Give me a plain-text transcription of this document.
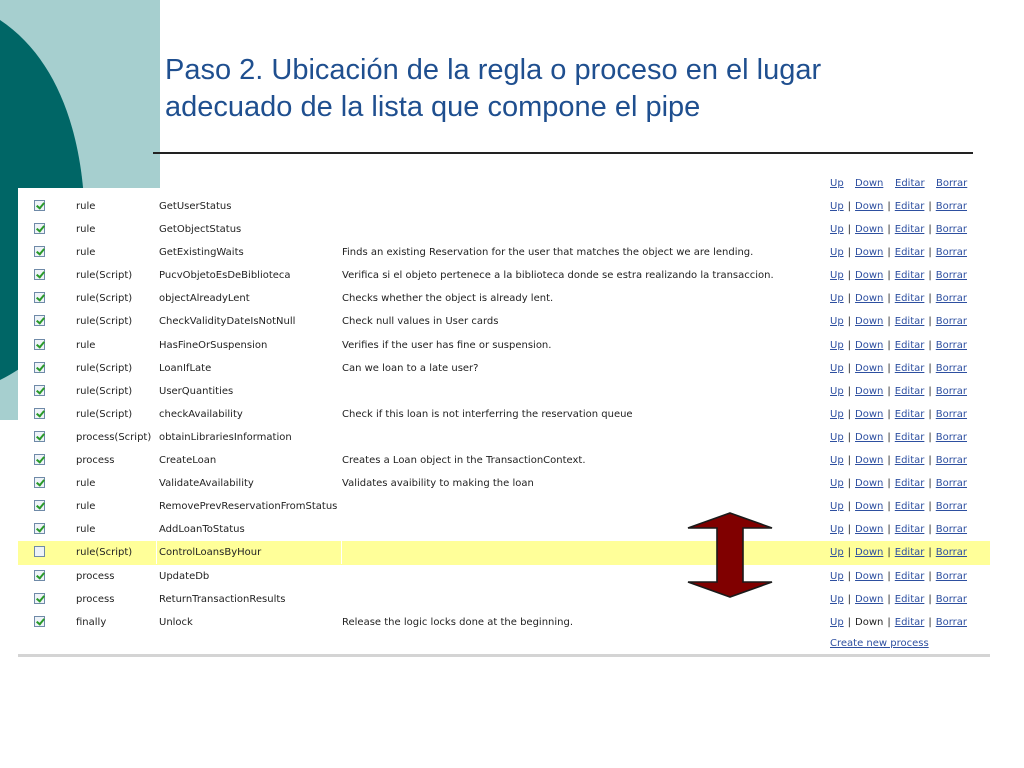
Paso 2. Ubicación de la regla o proceso en el lugar
adecuado de la lista que compone el pipe
Up Down Editar Borrar
rule	GetUserStatus	Up | Down | Editar | Borrar
rule	GetObjectStatus	Up | Down | Editar | Borrar
rule	GetExistingWaits	Finds an existing Reservation for the user that matches the object we are lending.	Up | Down | Editar | Borrar
rule(Script)	PucvObjetoEsDeBiblioteca	Verifica si el objeto pertenece a la biblioteca donde se estra realizando la transaccion.	Up | Down | Editar | Borrar
rule(Script)	objectAlreadyLent	Checks whether the object is already lent.	Up | Down | Editar | Borrar
rule(Script)	CheckValidityDateIsNotNull	Check null values in User cards	Up | Down | Editar | Borrar
rule	HasFineOrSuspension	Verifies if the user has fine or suspension.	Up | Down | Editar | Borrar
rule(Script)	LoanIfLate	Can we loan to a late user?	Up | Down | Editar | Borrar
rule(Script)	UserQuantities	Up | Down | Editar | Borrar
rule(Script)	checkAvailability	Check if this loan is not interferring the reservation queue	Up | Down | Editar | Borrar
process(Script) obtainLibrariesInformation	Up | Down | Editar | Borrar
process	CreateLoan	Creates a Loan object in the TransactionContext.	Up | Down | Editar | Borrar
rule	ValidateAvailability	Validates avaibility to making the loan	Up | Down | Editar | Borrar
rule	RemovePrevReservationFromStatus	Up | Down | Editar | Borrar
rule	AddLoanToStatus	Up | Down | Editar | Borrar
rule(Script)	ControlLoansByHour	Up | Down | Editar | Borrar
process	UpdateDb	Up | Down | Editar | Borrar
process	ReturnTransactionResults	Up | Down | Editar | Borrar
finally	Unlock	Release the logic locks done at the beginning.	Up | Down | Editar | Borrar
Create new process
